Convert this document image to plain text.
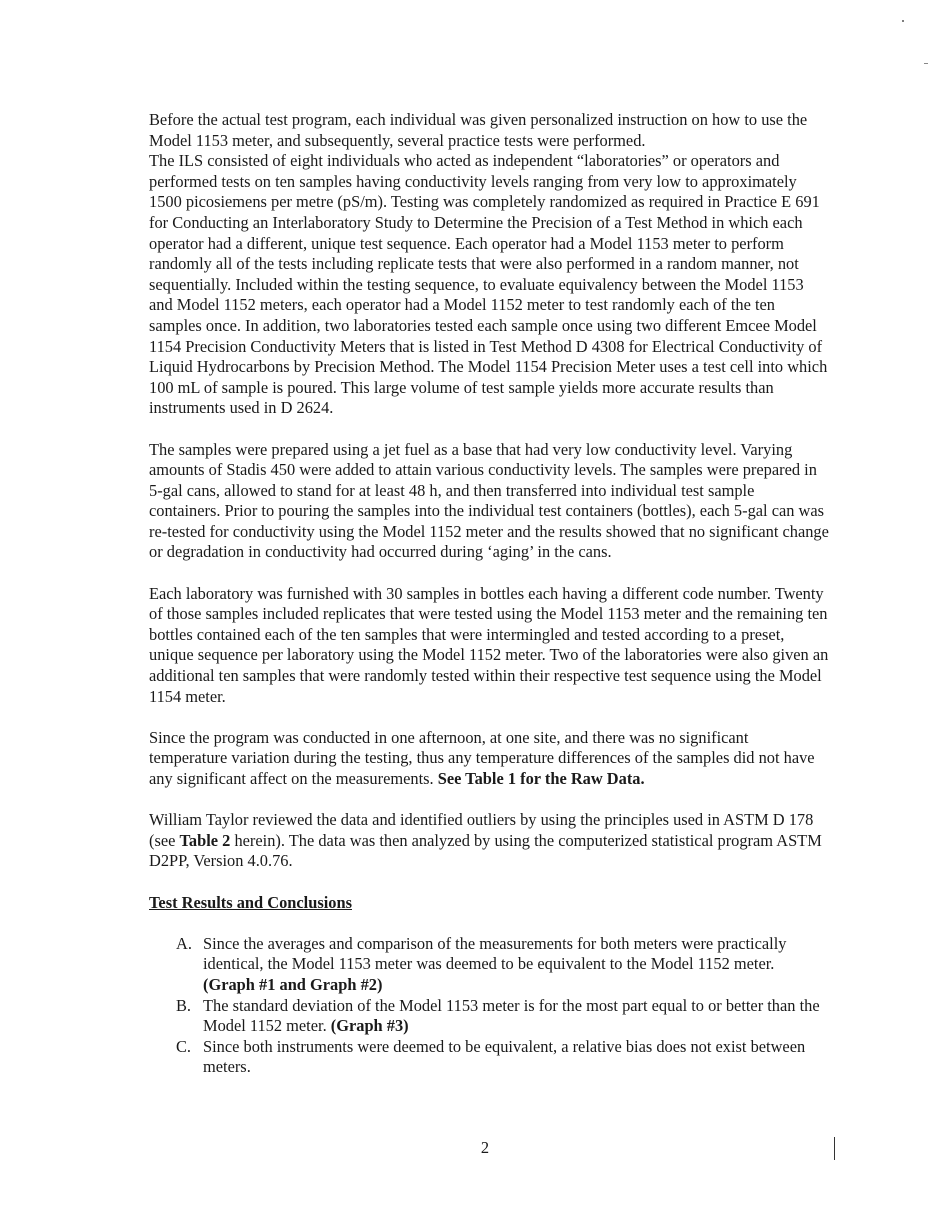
Before the actual test program, each individual was given personalized instruction on how to use the Model 1153 meter, and subsequently, several practice tests were performed.

The ILS consisted of eight individuals who acted as independent “laboratories” or operators and performed tests on ten samples having conductivity levels ranging from very low to approximately 1500 picosiemens per metre (pS/m). Testing was completely randomized as required in Practice E 691 for Conducting an Interlaboratory Study to Determine the Precision of a Test Method in which each operator had a different, unique test sequence. Each operator had a Model 1153 meter to perform randomly all of the tests including replicate tests that were also performed in a random manner, not sequentially. Included within the testing sequence, to evaluate equivalency between the Model 1153 and Model 1152 meters, each operator had a Model 1152 meter to test randomly each of the ten samples once. In addition, two laboratories tested each sample once using two different Emcee Model 1154 Precision Conductivity Meters that is listed in Test Method D 4308 for Electrical Conductivity of Liquid Hydrocarbons by Precision Method. The Model 1154 Precision Meter uses a test cell into which 100 mL of sample is poured. This large volume of test sample yields more accurate results than instruments used in D 2624.

The samples were prepared using a jet fuel as a base that had very low conductivity level. Varying amounts of Stadis 450 were added to attain various conductivity levels. The samples were prepared in 5-gal cans, allowed to stand for at least 48 h, and then transferred into individual test sample containers. Prior to pouring the samples into the individual test containers (bottles), each 5-gal can was re-tested for conductivity using the Model 1152 meter and the results showed that no significant change or degradation in conductivity had occurred during ‘aging’ in the cans.

Each laboratory was furnished with 30 samples in bottles each having a different code number. Twenty of those samples included replicates that were tested using the Model 1153 meter and the remaining ten bottles contained each of the ten samples that were intermingled and tested according to a preset, unique sequence per laboratory using the Model 1152 meter. Two of the laboratories were also given an additional ten samples that were randomly tested within their respective test sequence using the Model 1154 meter.

Since the program was conducted in one afternoon, at one site, and there was no significant temperature variation during the testing, thus any temperature differences of the samples did not have any significant affect on the measurements. See Table 1 for the Raw Data.

William Taylor reviewed the data and identified outliers by using the principles used in ASTM D 178 (see Table 2 herein). The data was then analyzed by using the computerized statistical program ASTM D2PP, Version 4.0.76.

Test Results and Conclusions

A. Since the averages and comparison of the measurements for both meters were practically identical, the Model 1153 meter was deemed to be equivalent to the Model 1152 meter. (Graph #1 and Graph #2)
B. The standard deviation of the Model 1153 meter is for the most part equal to or better than the Model 1152 meter. (Graph #3)
C. Since both instruments were deemed to be equivalent, a relative bias does not exist between meters.
2
